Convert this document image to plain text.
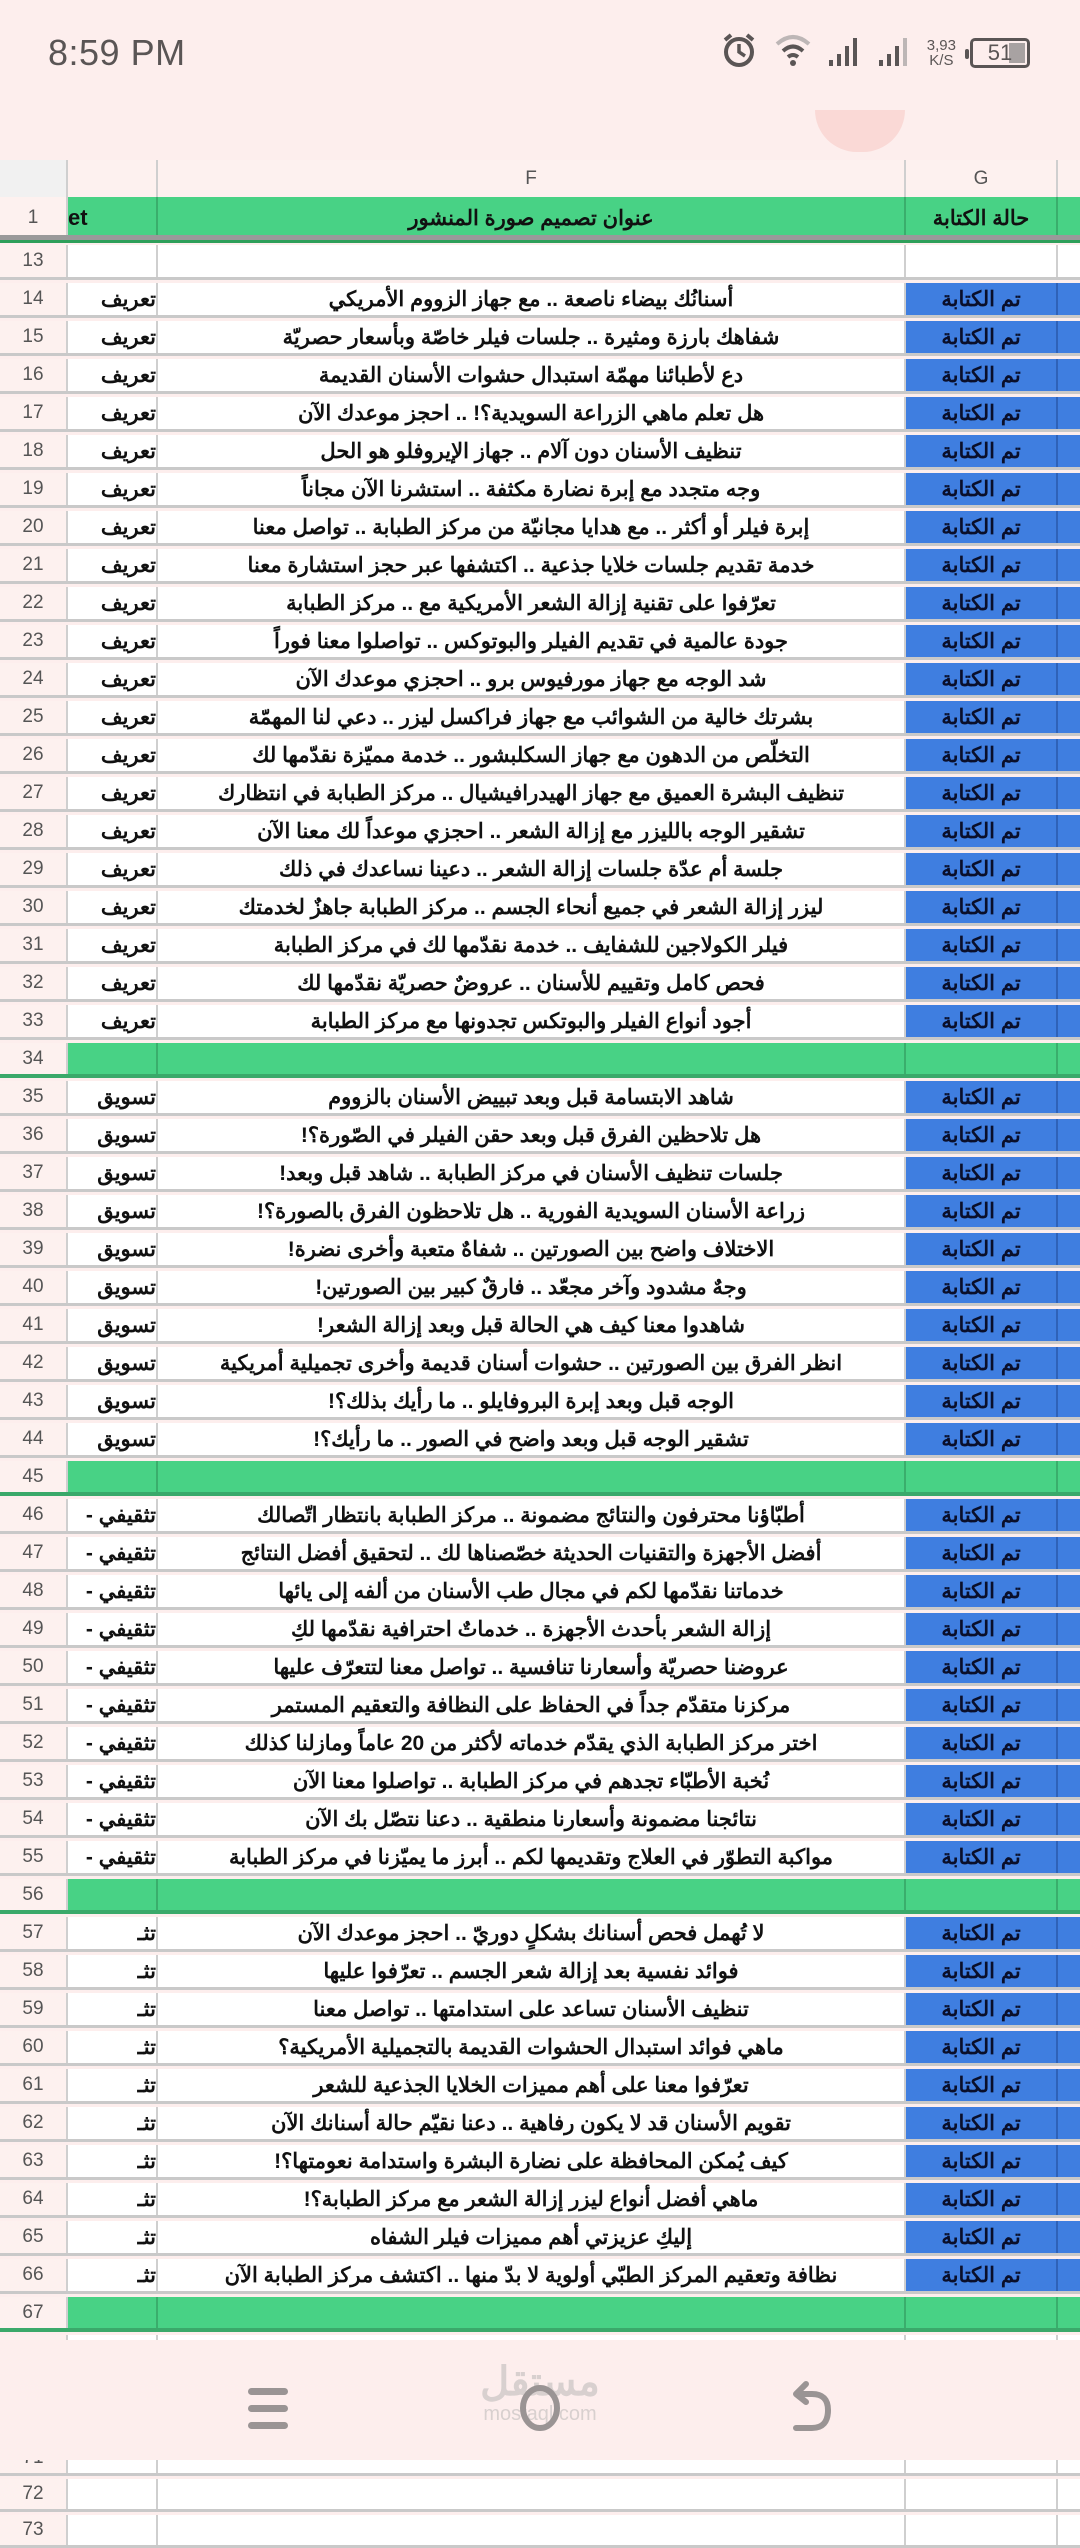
8:59 PM	3,93
K/S 51
F	G
1	et	عنوان تصميم صورة المنشور	حالة الكتابة
13
14	تعريف	أسنانُك بيضاء ناصعة .. مع جهاز الزووم الأمريكي	تم الكتابة
15	تعريف	شفاهك بارزة ومثيرة .. جلسات فيلر خاصّة وبأسعار حصريّة	تم الكتابة
16	تعريف	دع لأطبائنا مهمّة استبدال حشوات الأسنان القديمة	تم الكتابة
17	تعريف	هل تعلم ماهي الزراعة السويدية؟! .. احجز موعدك الآن	تم الكتابة
18	تعريف	تنظيف الأسنان دون آلام .. جهاز الإيروفلو هو الحل	تم الكتابة
19	تعريف	وجه متجدد مع إبرة نضارة مكثفة .. استشرنا الآن مجاناً	تم الكتابة
20	تعريف	إبرة فيلر أو أكثر .. مع هدايا مجانيّة من مركز الطبابة .. تواصل معنا	تم الكتابة
21	تعريف	خدمة تقديم جلسات خلايا جذعية .. اكتشفها عبر حجز استشارة معنا	تم الكتابة
22	تعريف	تعرّفوا على تقنية إزالة الشعر الأمريكية مع .. مركز الطبابة	تم الكتابة
23	تعريف	جودة عالمية في تقديم الفيلر والبوتوكس .. تواصلوا معنا فوراً	تم الكتابة
24	تعريف	شد الوجه مع جهاز مورفيوس برو .. احجزي موعدك الآن	تم الكتابة
25	تعريف	بشرتك خالية من الشوائب مع جهاز فراكسل ليزر .. دعي لنا المهمّة	تم الكتابة
26	تعريف	التخلّص من الدهون مع جهاز السكلبشور .. خدمة مميّزة نقدّمها لك	تم الكتابة
27	تعريف	تنظيف البشرة العميق مع جهاز الهيدرافيشيال .. مركز الطبابة في انتظارك	تم الكتابة
28	تعريف	تشقير الوجه بالليزر مع إزالة الشعر .. احجزي موعداً لك معنا الآن	تم الكتابة
29	تعريف	جلسة أم عدّة جلسات إزالة الشعر .. دعينا نساعدك في ذلك	تم الكتابة
30	تعريف	ليزر إزالة الشعر في جميع أنحاء الجسم .. مركز الطبابة جاهزٌ لخدمتك	تم الكتابة
31	تعريف	فيلر الكولاجين للشفايف .. خدمة نقدّمها لك في مركز الطبابة	تم الكتابة
32	تعريف	فحص كامل وتقييم للأسنان .. عروضٌ حصريّة نقدّمها لك	تم الكتابة
33	تعريف	أجود أنواع الفيلر والبوتكس تجدونها مع مركز الطبابة	تم الكتابة
34
35	تسويق	شاهد الابتسامة قبل وبعد تبييض الأسنان بالزووم	تم الكتابة
36	تسويق	هل تلاحظين الفرق قبل وبعد حقن الفيلر في الصّورة؟!	تم الكتابة
37	تسويق	جلسات تنظيف الأسنان في مركز الطبابة .. شاهد قبل وبعد!	تم الكتابة
38	تسويق	زراعة الأسنان السويدية الفورية .. هل تلاحظون الفرق بالصورة؟!	تم الكتابة
39	تسويق	الاختلاف واضح بين الصورتين .. شفاهٌ متعبة وأخرى نضرة!	تم الكتابة
40	تسويق	وجهٌ مشدود وآخر مجعّد .. فارقٌ كبير بين الصورتين!	تم الكتابة
41	تسويق	شاهدوا معنا كيف هي الحالة قبل وبعد إزالة الشعر!	تم الكتابة
42	تسويق	انظر الفرق بين الصورتين .. حشوات أسنان قديمة وأخرى تجميلية أمريكية	تم الكتابة
43	تسويق	الوجه قبل وبعد إبرة البروفايلو .. ما رأيك بذلك؟!	تم الكتابة
44	تسويق	تشقير الوجه قبل وبعد واضح في الصور .. ما رأيك؟!	تم الكتابة
45
46	تثقيفي -	أطبّاؤنا محترفون والنتائج مضمونة .. مركز الطبابة بانتظار اتّصالك	تم الكتابة
47	تثقيفي -	أفضل الأجهزة والتقنيات الحديثة خصّصناها لك .. لتحقيق أفضل النتائج	تم الكتابة
48	تثقيفي -	خدماتنا نقدّمها لكم في مجال طب الأسنان من ألفه إلى يائها	تم الكتابة
49	تثقيفي -	إزالة الشعر بأحدث الأجهزة .. خدماتٌ احترافية نقدّمها لكِ	تم الكتابة
50	تثقيفي -	عروضنا حصريّة وأسعارنا تنافسية .. تواصل معنا لتتعرّف عليها	تم الكتابة
51	تثقيفي -	مركزنا متقدّم جداً في الحفاظ على النظافة والتعقيم المستمر	تم الكتابة
52	تثقيفي -	اختر مركز الطبابة الذي يقدّم خدماته لأكثر من 20 عاماً ومازلنا كذلك	تم الكتابة
53	تثقيفي -	نُخبة الأطبّاء تجدهم في مركز الطبابة .. تواصلوا معنا الآن	تم الكتابة
54	تثقيفي -	نتائجنا مضمونة وأسعارنا منطقية .. دعنا نتصّل بك الآن	تم الكتابة
55	تثقيفي -	مواكبة التطوّر في العلاج وتقديمها لكم .. أبرز ما يميّزنا في مركز الطبابة	تم الكتابة
56
57	تثـ	لا تُهمل فحص أسنانك بشكلٍ دوريّ .. احجز موعدك الآن	تم الكتابة
58	تثـ	فوائد نفسية بعد إزالة شعر الجسم .. تعرّفوا عليها	تم الكتابة
59	تثـ	تنظيف الأسنان تساعد على استدامتها .. تواصل معنا	تم الكتابة
60	تثـ	ماهي فوائد استبدال الحشوات القديمة بالتجميلية الأمريكية؟	تم الكتابة
61	تثـ	تعرّفوا معنا على أهم مميزات الخلايا الجذعية للشعر	تم الكتابة
62	تثـ	تقويم الأسنان قد لا يكون رفاهية .. دعنا نقيّم حالة أسنانك الآن	تم الكتابة
63	تثـ	كيف يُمكن المحافظة على نضارة البشرة واستدامة نعومتها؟!	تم الكتابة
64	تثـ	ماهي أفضل أنواع ليزر إزالة الشعر مع مركز الطبابة؟!	تم الكتابة
65	تثـ	إليكِ عزيزتي أهم مميزات فيلر الشفاه	تم الكتابة
66	تثـ	نظافة وتعقيم المركز الطبّي أولوية لا بدّ منها .. اكتشف مركز الطبابة الآن	تم الكتابة
67
72
73
مستقل
mostaql.com
